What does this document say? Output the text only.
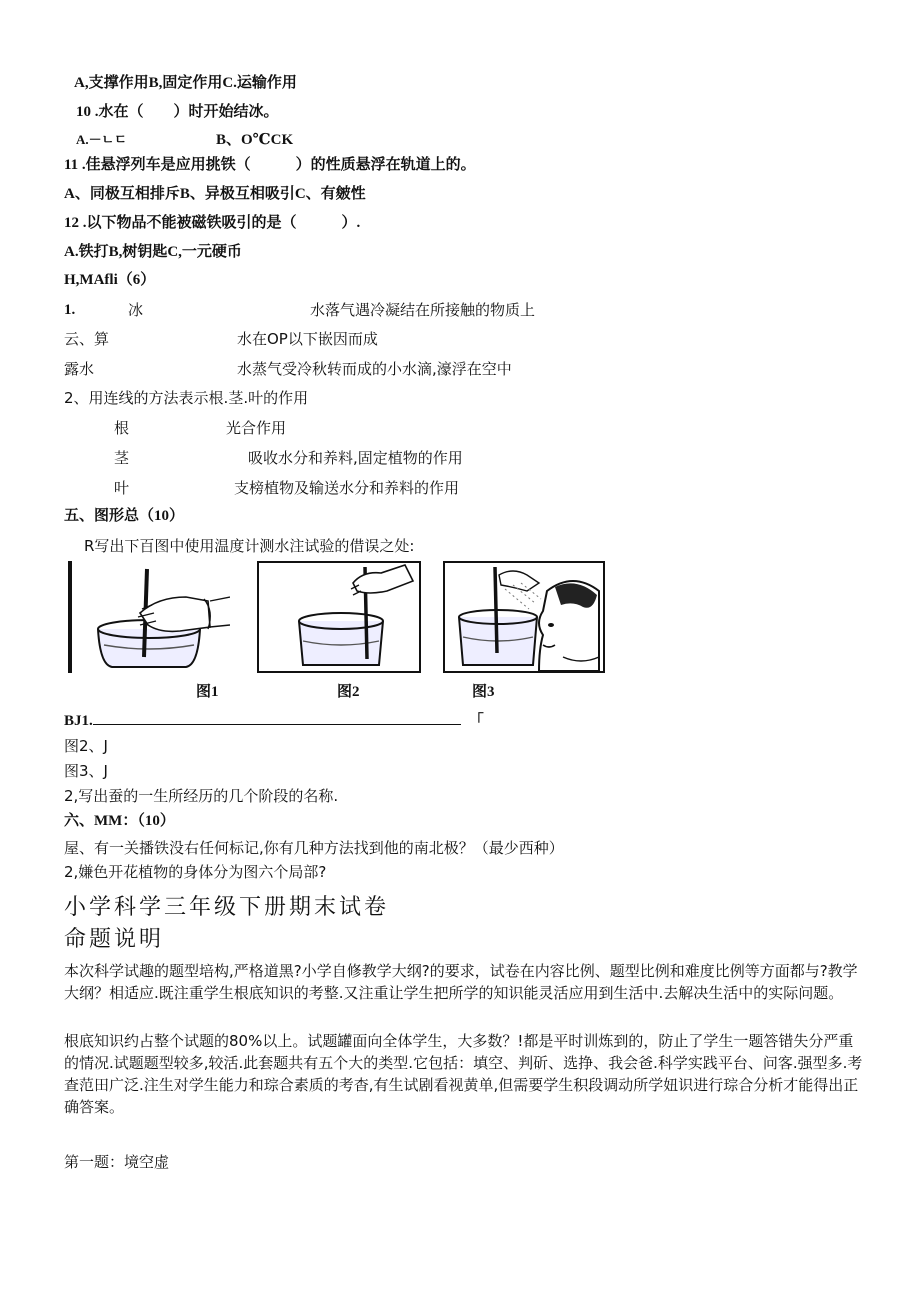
A,支撑作用B,固定作用C.运输作用
10 .水在（　　）时开始结冰。
A.－ㄴㄷ	B、O℃CK
11 .佳悬浮列车是应用挑铁（　　　）的性质悬浮在轨道上的。
A、同极互相排斥B、异极互相吸引C、有皴性
12 .以下物品不能被磁铁吸引的是（　　　）.
A.铁打B,树钥匙C,一元硬币
H,MAfli（6）
1.	冰	水落气遇冷凝结在所接触的物质上
云、算	水在OP以下嵌因而成
露水	水蒸气受冷秋转而成的小水滴,濠浮在空中
2、用连线的方法表示根.茎.叶的作用
根	光合作用
茎	吸收水分和养料,固定植物的作用
叶	支榜植物及输送水分和养料的作用
五、图形总（10）
R写出下百图中使用温度计测水注试验的借误之处:
图1	图2	图3
BJ1.	「
图2、J
图3、J
2,写出蚕的一生所经历的几个阶段的名称.
六、MM：（10）
屋、有一关播铁没右任何标记,你有几种方法找到他的南北极？（最少西种）
2,嫌色开花植物的身体分为图六个局部?
小学科学三年级下册期末试卷
命题说明
本次科学试趣的题型培构,严格道黑?小学自修教学大纲?的要求，试卷在内容比例、题型比例和难度比例等方面都与?教学大纲？相适应.既注重学生根底知识的考整.又注重让学生把所学的知识能灵活应用到生活中.去解决生活中的实际问题。
根底知识约占整个试题的80%以上。试题罐面向全体学生，大多数？!都是平时训炼到的，防止了学生一题答错失分严重的情况.试题题型较多,较活.此套题共有五个大的类型.它包括：填空、判斫、选挣、我会爸.科学实践平台、问客.强型多.考查范田广泛.注生对学生能力和琮合素质的考杳,有生试剧看视黄单,但需要学生积段调动所学妞识进行琮合分析才能得出正确答案。
第一题：境空虚
